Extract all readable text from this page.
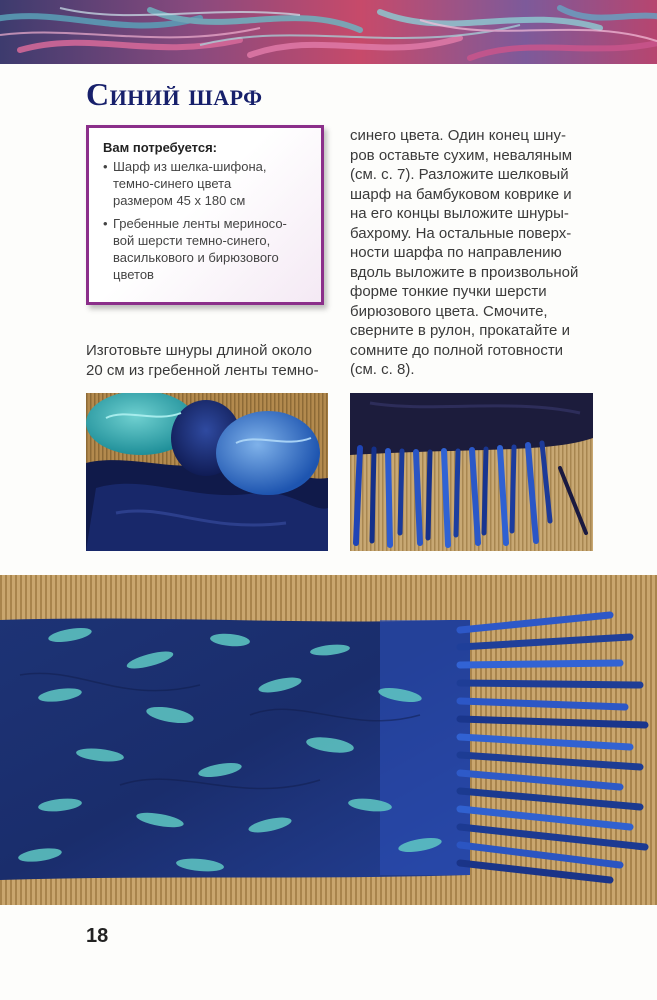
Синий шарф

Вам потребуется:

• Шарф из шелка-шифона,
темно-синего цвета
размером 45 х 180 см
• Гребенные ленты меринoсо-
вой шерсти темно-синего,
василькового и бирюзового
цветов

синего цвета. Один конец шну-
ров оставьте сухим, неваляным
(см. с. 7). Разложите шелковый
шарф на бамбуковом коврике и
на его концы выложите шнуры-
бахрому. На остальные поверх-
ности шарфа по направлению
вдоль выложите в произвольной
форме тонкие пучки шерсти
бирюзового цвета. Смочите,
сверните в рулон, прокатайте и
сомните до полной готовности
(см. с. 8).

Изготовьте шнуры длиной около
20 см из гребенной ленты темно-

18
